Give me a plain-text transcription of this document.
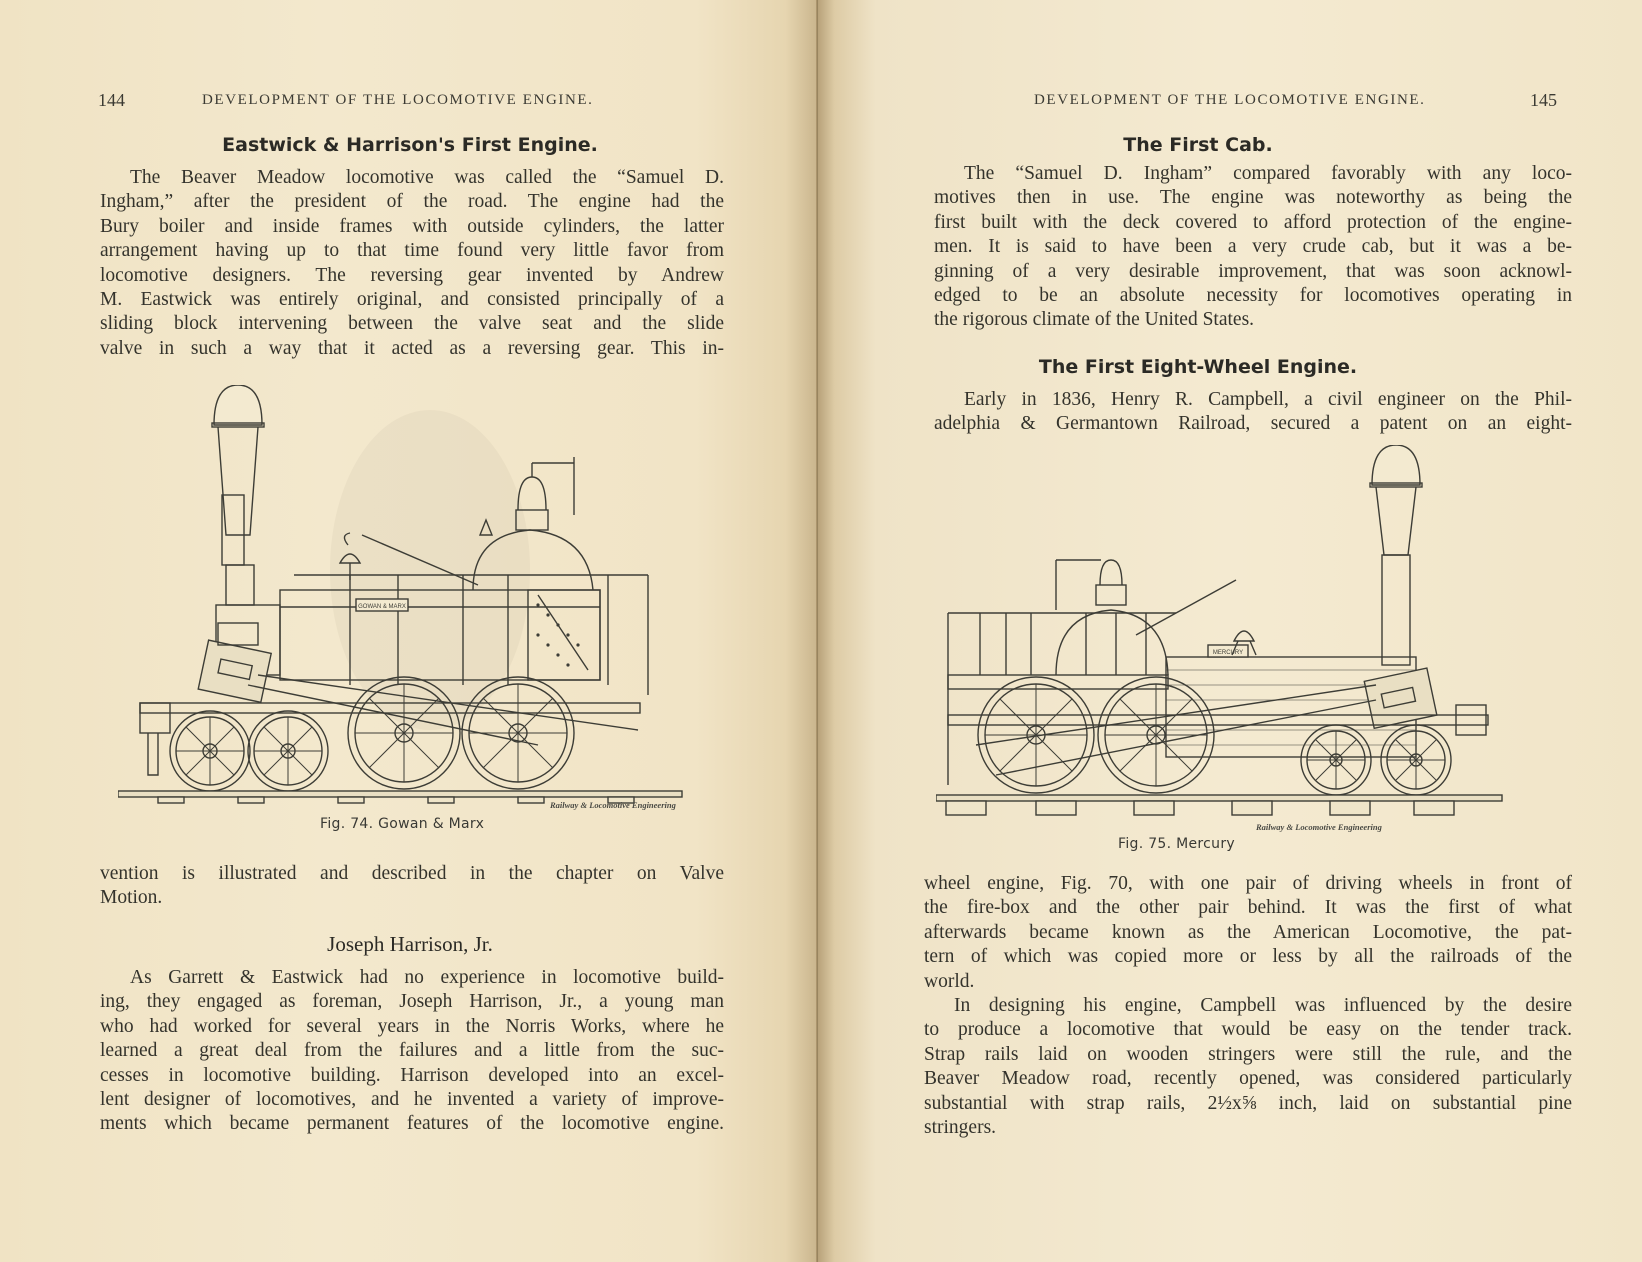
144	DEVELOPMENT OF THE LOCOMOTIVE ENGINE.
Eastwick & Harrison's First Engine.
The Beaver Meadow locomotive was called the “Samuel D.
Ingham,” after the president of the road. The engine had the
Bury boiler and inside frames with outside cylinders, the latter
arrangement having up to that time found very little favor from
locomotive designers. The reversing gear invented by Andrew
M. Eastwick was entirely original, and consisted principally of a
sliding block intervening between the valve seat and the slide
valve in such a way that it acted as a reversing gear. This in-
GOWAN & MARX
Railway & Locomotive Engineering
Fig. 74. Gowan & Marx
vention is illustrated and described in the chapter on Valve
Motion.
Joseph Harrison, Jr.
As Garrett & Eastwick had no experience in locomotive build-
ing, they engaged as foreman, Joseph Harrison, Jr., a young man
who had worked for several years in the Norris Works, where he
learned a great deal from the failures and a little from the suc-
cesses in locomotive building. Harrison developed into an excel-
lent designer of locomotives, and he invented a variety of improve-
ments which became permanent features of the locomotive engine.
DEVELOPMENT OF THE LOCOMOTIVE ENGINE.	145
The First Cab.
The “Samuel D. Ingham” compared favorably with any loco-
motives then in use. The engine was noteworthy as being the
first built with the deck covered to afford protection of the engine-
men. It is said to have been a very crude cab, but it was a be-
ginning of a very desirable improvement, that was soon acknowl-
edged to be an absolute necessity for locomotives operating in
the rigorous climate of the United States.
The First Eight-Wheel Engine.
Early in 1836, Henry R. Campbell, a civil engineer on the Phil-
adelphia & Germantown Railroad, secured a patent on an eight-
MERCURY
Railway & Locomotive Engineering
Fig. 75. Mercury
wheel engine, Fig. 70, with one pair of driving wheels in front of
the fire-box and the other pair behind. It was the first of what
afterwards became known as the American Locomotive, the pat-
tern of which was copied more or less by all the railroads of the
world.
In designing his engine, Campbell was influenced by the desire
to produce a locomotive that would be easy on the tender track.
Strap rails laid on wooden stringers were still the rule, and the
Beaver Meadow road, recently opened, was considered particularly
substantial with strap rails, 2½x⅝ inch, laid on substantial pine
stringers.
